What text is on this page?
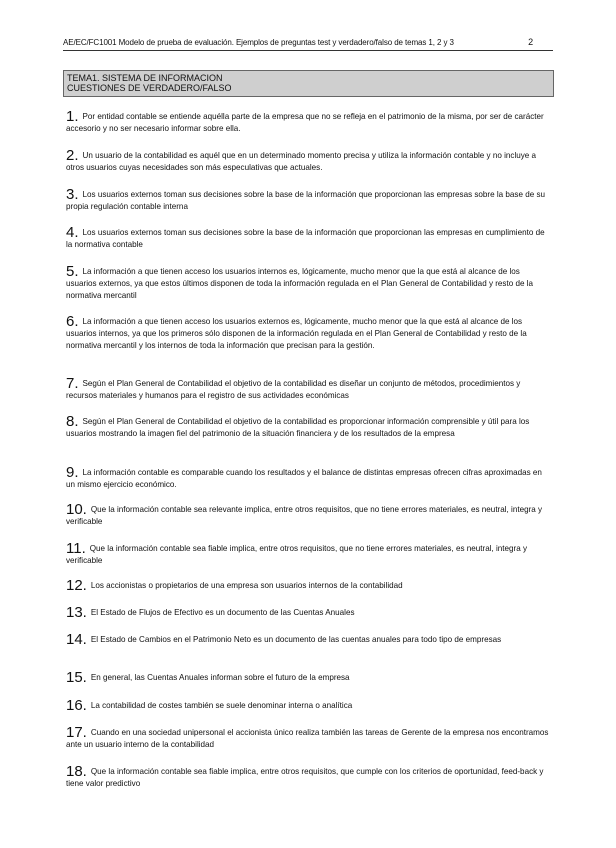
AE/EC/FC1001 Modelo de prueba de evaluación. Ejemplos de preguntas test y verdadero/falso de temas 1, 2 y 3	2
TEMA1. SISTEMA DE INFORMACION
CUESTIONES DE VERDADERO/FALSO
1. Por entidad contable se entiende aquélla parte de la empresa que no se refleja en el patrimonio de la misma, por ser de carácter accesorio y no ser necesario informar sobre ella.
2. Un usuario de la contabilidad es aquél que en un determinado momento precisa y utiliza la información contable y no incluye a otros usuarios cuyas necesidades son más especulativas que actuales.
3. Los usuarios externos toman sus decisiones sobre la base de la información que proporcionan las empresas sobre la base de su propia regulación contable interna
4. Los usuarios externos toman sus decisiones sobre la base de la información que proporcionan las empresas en cumplimiento de la normativa contable
5. La información a que tienen acceso los usuarios internos es, lógicamente, mucho menor que la que está al alcance de los usuarios externos, ya que estos últimos disponen de toda la información regulada en el Plan General de Contabilidad y resto de la normativa mercantil
6. La información a que tienen acceso los usuarios externos es, lógicamente, mucho menor que la que está al alcance de los usuarios internos, ya que los primeros sólo disponen de la información regulada en el Plan General de Contabilidad y resto de la normativa mercantil y los internos de toda la información que precisan para la gestión.
7. Según el Plan General de Contabilidad el objetivo de la contabilidad es diseñar un conjunto de métodos, procedimientos y recursos materiales y humanos para el registro de sus actividades económicas
8. Según el Plan General de Contabilidad el objetivo de la contabilidad es proporcionar información comprensible y útil para los usuarios mostrando la imagen fiel del patrimonio de la situación financiera y de los resultados de la empresa
9. La información contable es comparable cuando los resultados y el balance de distintas empresas ofrecen cifras aproximadas en un mismo ejercicio económico.
10. Que la información contable sea relevante implica, entre otros requisitos, que no tiene errores materiales, es neutral, integra y verificable
11. Que la información contable sea fiable implica, entre otros requisitos, que no tiene errores materiales, es neutral, integra y verificable
12. Los accionistas o propietarios de una empresa son usuarios internos de la contabilidad
13. El Estado de Flujos de Efectivo es un documento de las Cuentas Anuales
14. El Estado de Cambios en el Patrimonio Neto es un documento de las cuentas anuales para todo tipo de empresas
15. En general, las Cuentas Anuales informan sobre el futuro de la empresa
16. La contabilidad de costes también se suele denominar interna o analítica
17. Cuando en una sociedad unipersonal el accionista único realiza también las tareas de Gerente de la empresa nos encontramos ante un usuario interno de la contabilidad
18. Que la información contable sea fiable implica, entre otros requisitos, que cumple con los criterios de oportunidad, feed-back y tiene valor predictivo
